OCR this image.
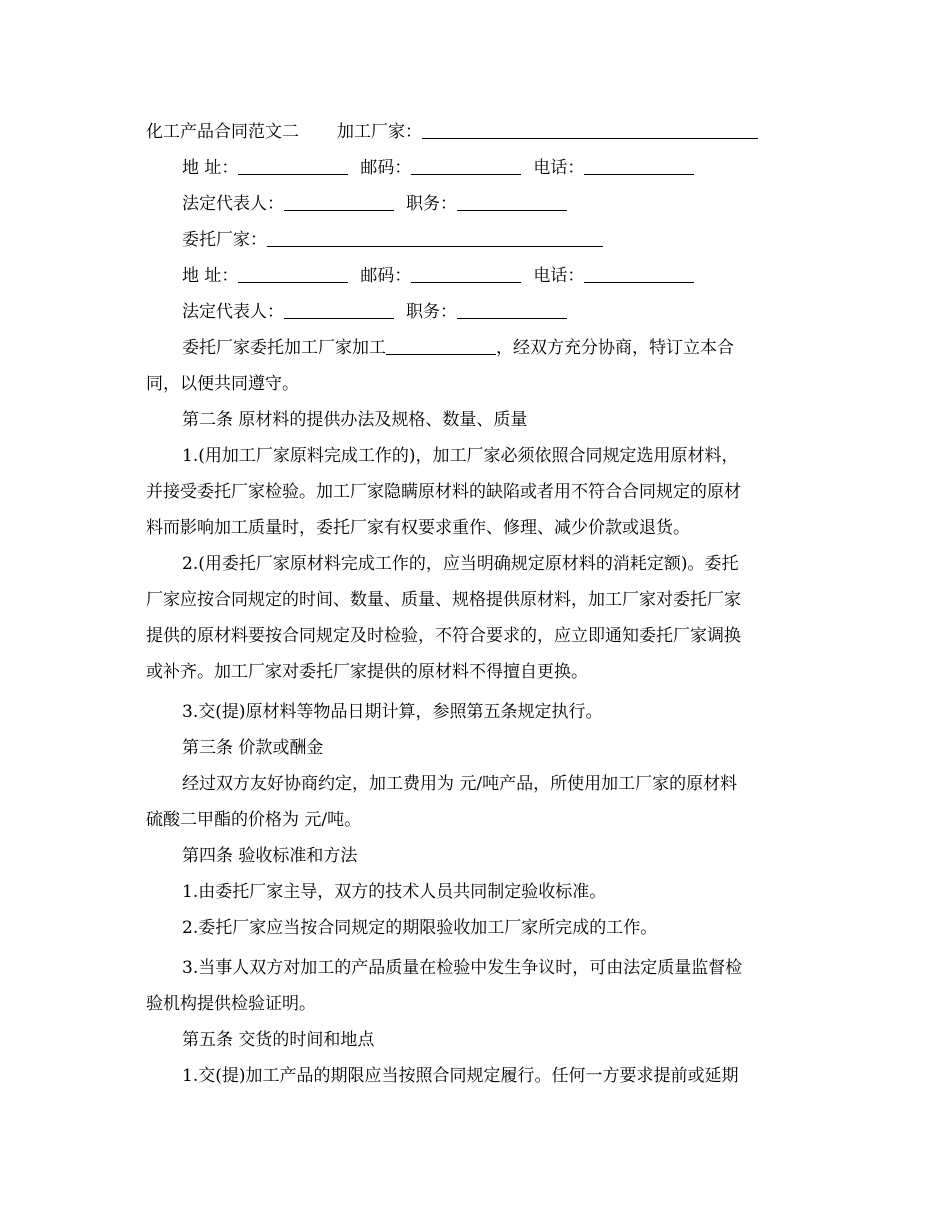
化工产品合同范文二 加工厂家：
地 址：	邮码：	电话：
法定代表人：	职务：
委托厂家：
地 址：	邮码：	电话：
法定代表人：	职务：
委托厂家委托加工厂家加工	，经双方充分协商，特订立本合
同，以便共同遵守。
第二条 原材料的提供办法及规格、数量、质量
1.(用加工厂家原料完成工作的)，加工厂家必须依照合同规定选用原材料，
并接受委托厂家检验。加工厂家隐瞒原材料的缺陷或者用不符合合同规定的原材
料而影响加工质量时，委托厂家有权要求重作、修理、减少价款或退货。
2.(用委托厂家原材料完成工作的，应当明确规定原材料的消耗定额)。委托
厂家应按合同规定的时间、数量、质量、规格提供原材料，加工厂家对委托厂家
提供的原材料要按合同规定及时检验，不符合要求的，应立即通知委托厂家调换
或补齐。加工厂家对委托厂家提供的原材料不得擅自更换。
3.交(提)原材料等物品日期计算，参照第五条规定执行。
第三条 价款或酬金
经过双方友好协商约定，加工费用为 元/吨产品，所使用加工厂家的原材料
硫酸二甲酯的价格为 元/吨。
第四条 验收标准和方法
1.由委托厂家主导，双方的技术人员共同制定验收标准。
2.委托厂家应当按合同规定的期限验收加工厂家所完成的工作。
3.当事人双方对加工的产品质量在检验中发生争议时，可由法定质量监督检
验机构提供检验证明。
第五条 交货的时间和地点
1.交(提)加工产品的期限应当按照合同规定履行。任何一方要求提前或延期
